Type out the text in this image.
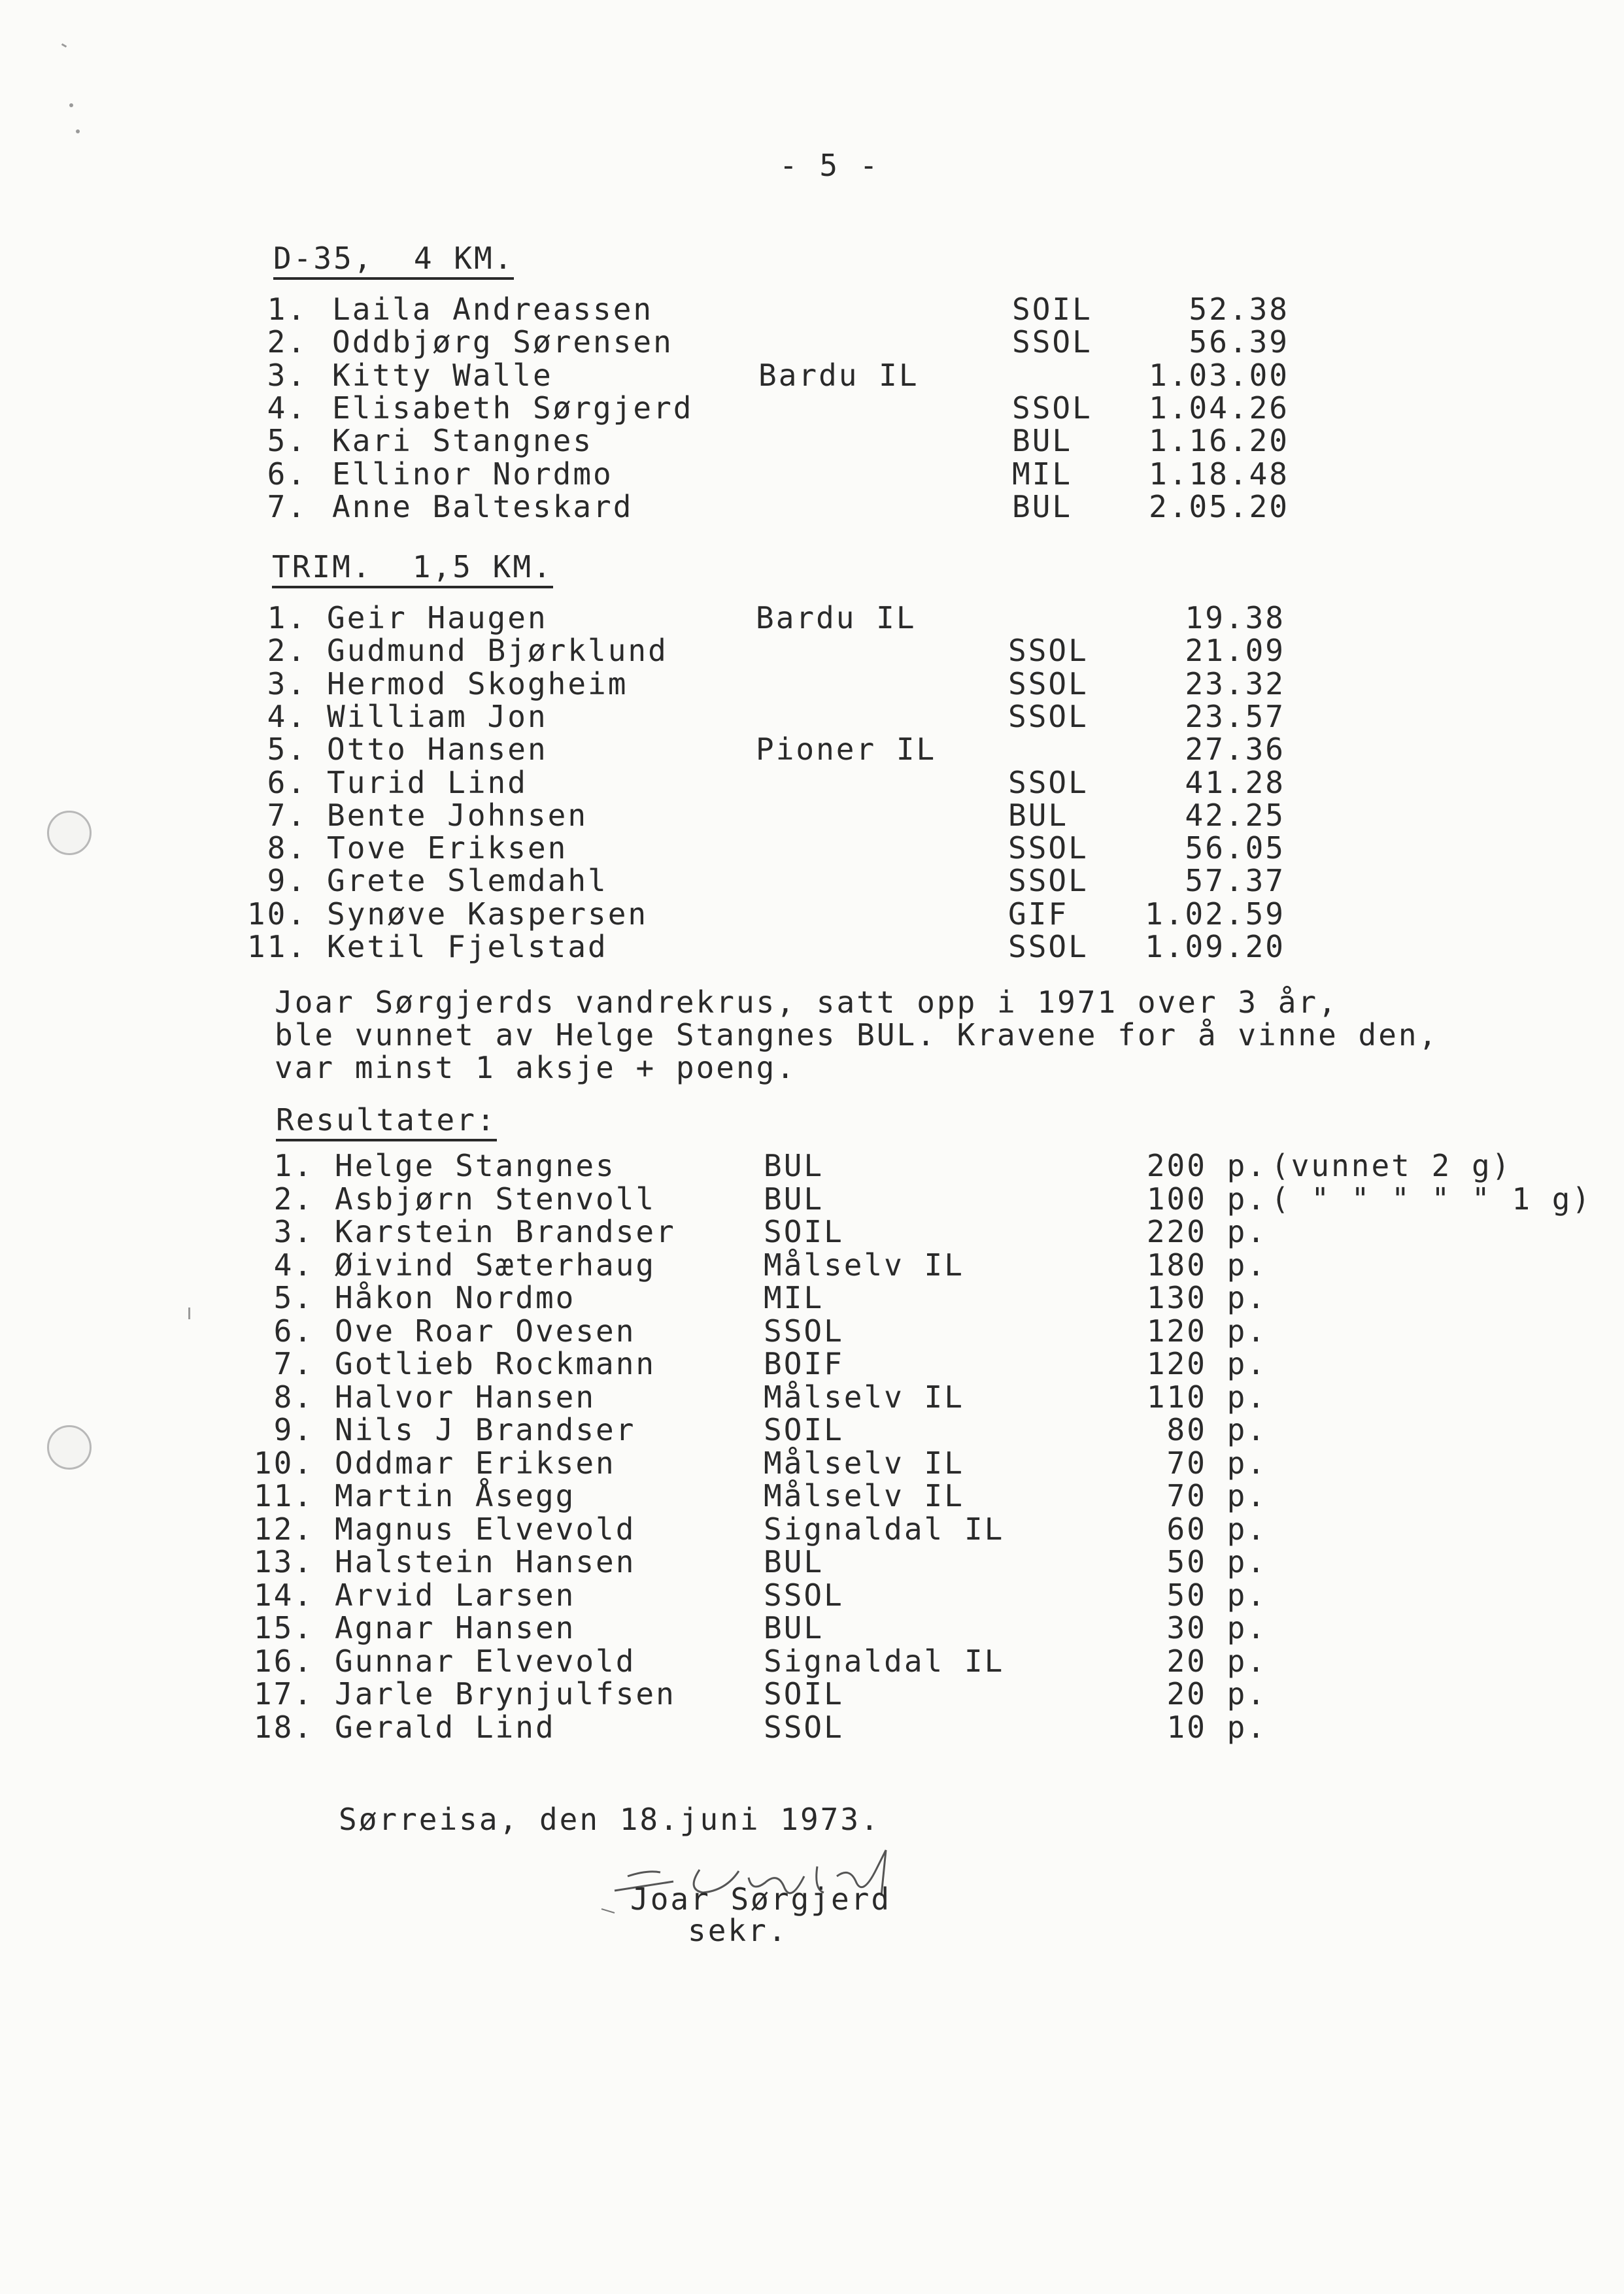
- 5 -
D-35,  4 KM.
1. Laila Andreassen	SOIL	52.38
2. Oddbjørg Sørensen	SSOL	56.39
3. Kitty Walle	Bardu IL	1.03.00
4. Elisabeth Sørgjerd	SSOL 1.04.26
5. Kari Stangnes	BUL	1.16.20
6. Ellinor Nordmo	MIL	1.18.48
7. Anne Balteskard	BUL	2.05.20
TRIM.  1,5 KM.
1. Geir Haugen	Bardu IL	19.38
2. Gudmund Bjørklund	SSOL	21.09
3. Hermod Skogheim	SSOL	23.32
4. William Jon	SSOL	23.57
5. Otto Hansen	Pioner IL	27.36
6. Turid Lind	SSOL	41.28
7. Bente Johnsen	BUL	42.25
8. Tove Eriksen	SSOL	56.05
9. Grete Slemdahl	SSOL	57.37
10. Synøve Kaspersen	GIF	1.02.59
11. Ketil Fjelstad	SSOL 1.09.20
Joar Sørgjerds vandrekrus, satt opp i 1971 over 3 år,
ble vunnet av Helge Stangnes BUL. Kravene for å vinne den,
var minst 1 aksje + poeng.
Resultater:
1. Helge Stangnes	BUL	200 p. (vunnet 2 g)
2. Asbjørn Stenvoll	BUL	100 p. ( " " " " " 1 g)
3. Karstein Brandser	SOIL	220 p.
4. Øivind Sæterhaug	Målselv IL	180 p.
5. Håkon Nordmo	MIL	130 p.
6. Ove Roar Ovesen	SSOL	120 p.
7. Gotlieb Rockmann	BOIF	120 p.
8. Halvor Hansen	Målselv IL	110 p.
9. Nils J Brandser	SOIL	80 p.
10. Oddmar Eriksen	Målselv IL	70 p.
11. Martin Åsegg	Målselv IL	70 p.
12. Magnus Elvevold	Signaldal IL	60 p.
13. Halstein Hansen	BUL	50 p.
14. Arvid Larsen	SSOL	50 p.
15. Agnar Hansen	BUL	30 p.
16. Gunnar Elvevold	Signaldal IL	20 p.
17. Jarle Brynjulfsen	SOIL	20 p.
18. Gerald Lind	SSOL	10 p.
Sørreisa, den 18.juni 1973.
Joar Sørgjerd
sekr.
